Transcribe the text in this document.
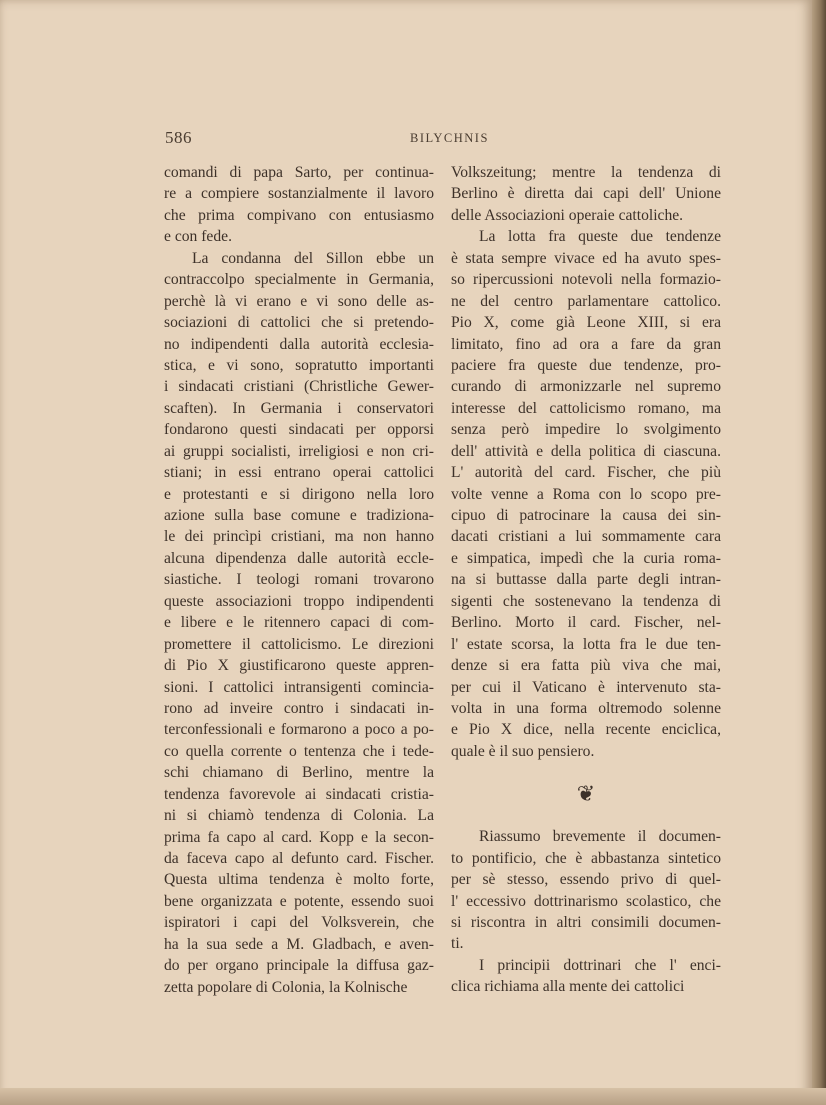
586	BILYCHNIS
comandi di papa Sarto, per continua-
re a compiere sostanzialmente il lavoro
che prima compivano con entusiasmo
e con fede.
La condanna del Sillon ebbe un
contraccolpo specialmente in Germania,
perchè là vi erano e vi sono delle as-
sociazioni di cattolici che si pretendo-
no indipendenti dalla autorità ecclesia-
stica, e vi sono, sopratutto importanti
i sindacati cristiani (Christliche Gewer-
scaften). In Germania i conservatori
fondarono questi sindacati per opporsi
ai gruppi socialisti, irreligiosi e non cri-
stiani; in essi entrano operai cattolici
e protestanti e si dirigono nella loro
azione sulla base comune e tradiziona-
le dei princìpi cristiani, ma non hanno
alcuna dipendenza dalle autorità eccle-
siastiche. I teologi romani trovarono
queste associazioni troppo indipendenti
e libere e le ritennero capaci di com-
promettere il cattolicismo. Le direzioni
di Pio X giustificarono queste appren-
sioni. I cattolici intransigenti comincia-
rono ad inveire contro i sindacati in-
terconfessionali e formarono a poco a po-
co quella corrente o tentenza che i tede-
schi chiamano di Berlino, mentre la
tendenza favorevole ai sindacati cristia-
ni si chiamò tendenza di Colonia. La
prima fa capo al card. Kopp e la secon-
da faceva capo al defunto card. Fischer.
Questa ultima tendenza è molto forte,
bene organizzata e potente, essendo suoi
ispiratori i capi del Volksverein, che
ha la sua sede a M. Gladbach, e aven-
do per organo principale la diffusa gaz-
zetta popolare di Colonia, la Kolnische
Volkszeitung; mentre la tendenza di
Berlino è diretta dai capi dell' Unione
delle Associazioni operaie cattoliche.
La lotta fra queste due tendenze
è stata sempre vivace ed ha avuto spes-
so ripercussioni notevoli nella formazio-
ne del centro parlamentare cattolico.
Pio X, come già Leone XIII, si era
limitato, fino ad ora a fare da gran
paciere fra queste due tendenze, pro-
curando di armonizzarle nel supremo
interesse del cattolicismo romano, ma
senza però impedire lo svolgimento
dell' attività e della politica di ciascuna.
L' autorità del card. Fischer, che più
volte venne a Roma con lo scopo pre-
cipuo di patrocinare la causa dei sin-
dacati cristiani a lui sommamente cara
e simpatica, impedì che la curia roma-
na si buttasse dalla parte degli intran-
sigenti che sostenevano la tendenza di
Berlino. Morto il card. Fischer, nel-
l' estate scorsa, la lotta fra le due ten-
denze si era fatta più viva che mai,
per cui il Vaticano è intervenuto sta-
volta in una forma oltremodo solenne
e Pio X dice, nella recente enciclica,
quale è il suo pensiero.
❦
Riassumo brevemente il documen-
to pontificio, che è abbastanza sintetico
per sè stesso, essendo privo di quel-
l' eccessivo dottrinarismo scolastico, che
si riscontra in altri consimili documen-
ti.
I principii dottrinari che l' enci-
clica richiama alla mente dei cattolici
